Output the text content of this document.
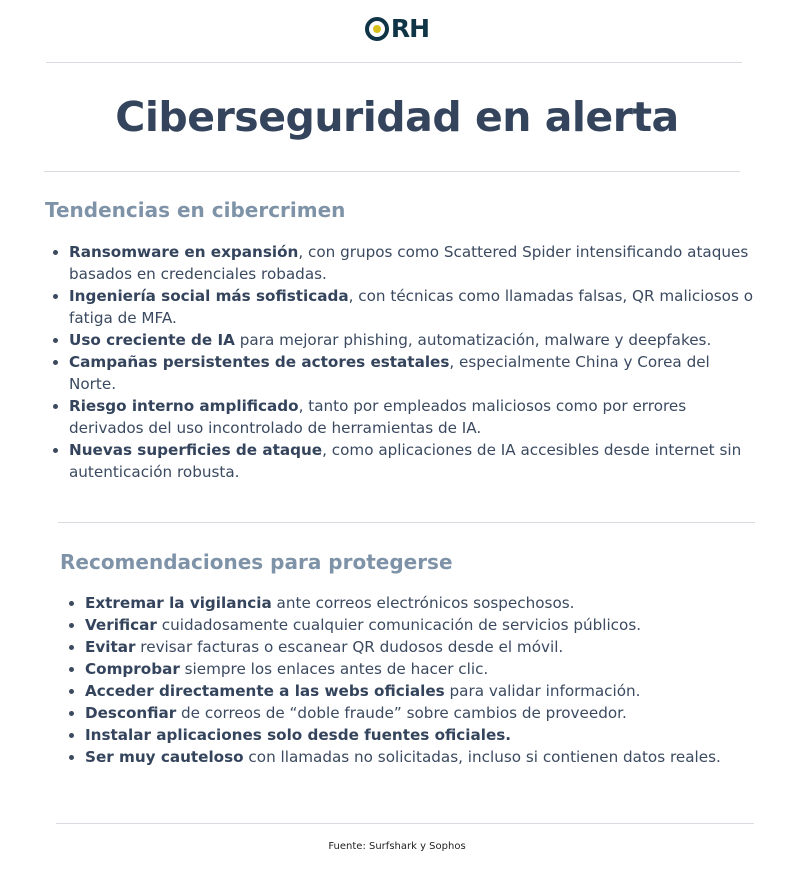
RH
Ciberseguridad en alerta
Tendencias en cibercrimen
• Ransomware en expansión, con grupos como Scattered Spider intensificando ataques basados en credenciales robadas.
• Ingeniería social más sofisticada, con técnicas como llamadas falsas, QR maliciosos o fatiga de MFA.
• Uso creciente de IA para mejorar phishing, automatización, malware y deepfakes.
• Campañas persistentes de actores estatales, especialmente China y Corea del Norte.
• Riesgo interno amplificado, tanto por empleados maliciosos como por errores derivados del uso incontrolado de herramientas de IA.
• Nuevas superficies de ataque, como aplicaciones de IA accesibles desde internet sin autenticación robusta.
Recomendaciones para protegerse
• Extremar la vigilancia ante correos electrónicos sospechosos.
• Verificar cuidadosamente cualquier comunicación de servicios públicos.
• Evitar revisar facturas o escanear QR dudosos desde el móvil.
• Comprobar siempre los enlaces antes de hacer clic.
• Acceder directamente a las webs oficiales para validar información.
• Desconfiar de correos de “doble fraude” sobre cambios de proveedor.
• Instalar aplicaciones solo desde fuentes oficiales.
• Ser muy cauteloso con llamadas no solicitadas, incluso si contienen datos reales.
Fuente: Surfshark y Sophos
